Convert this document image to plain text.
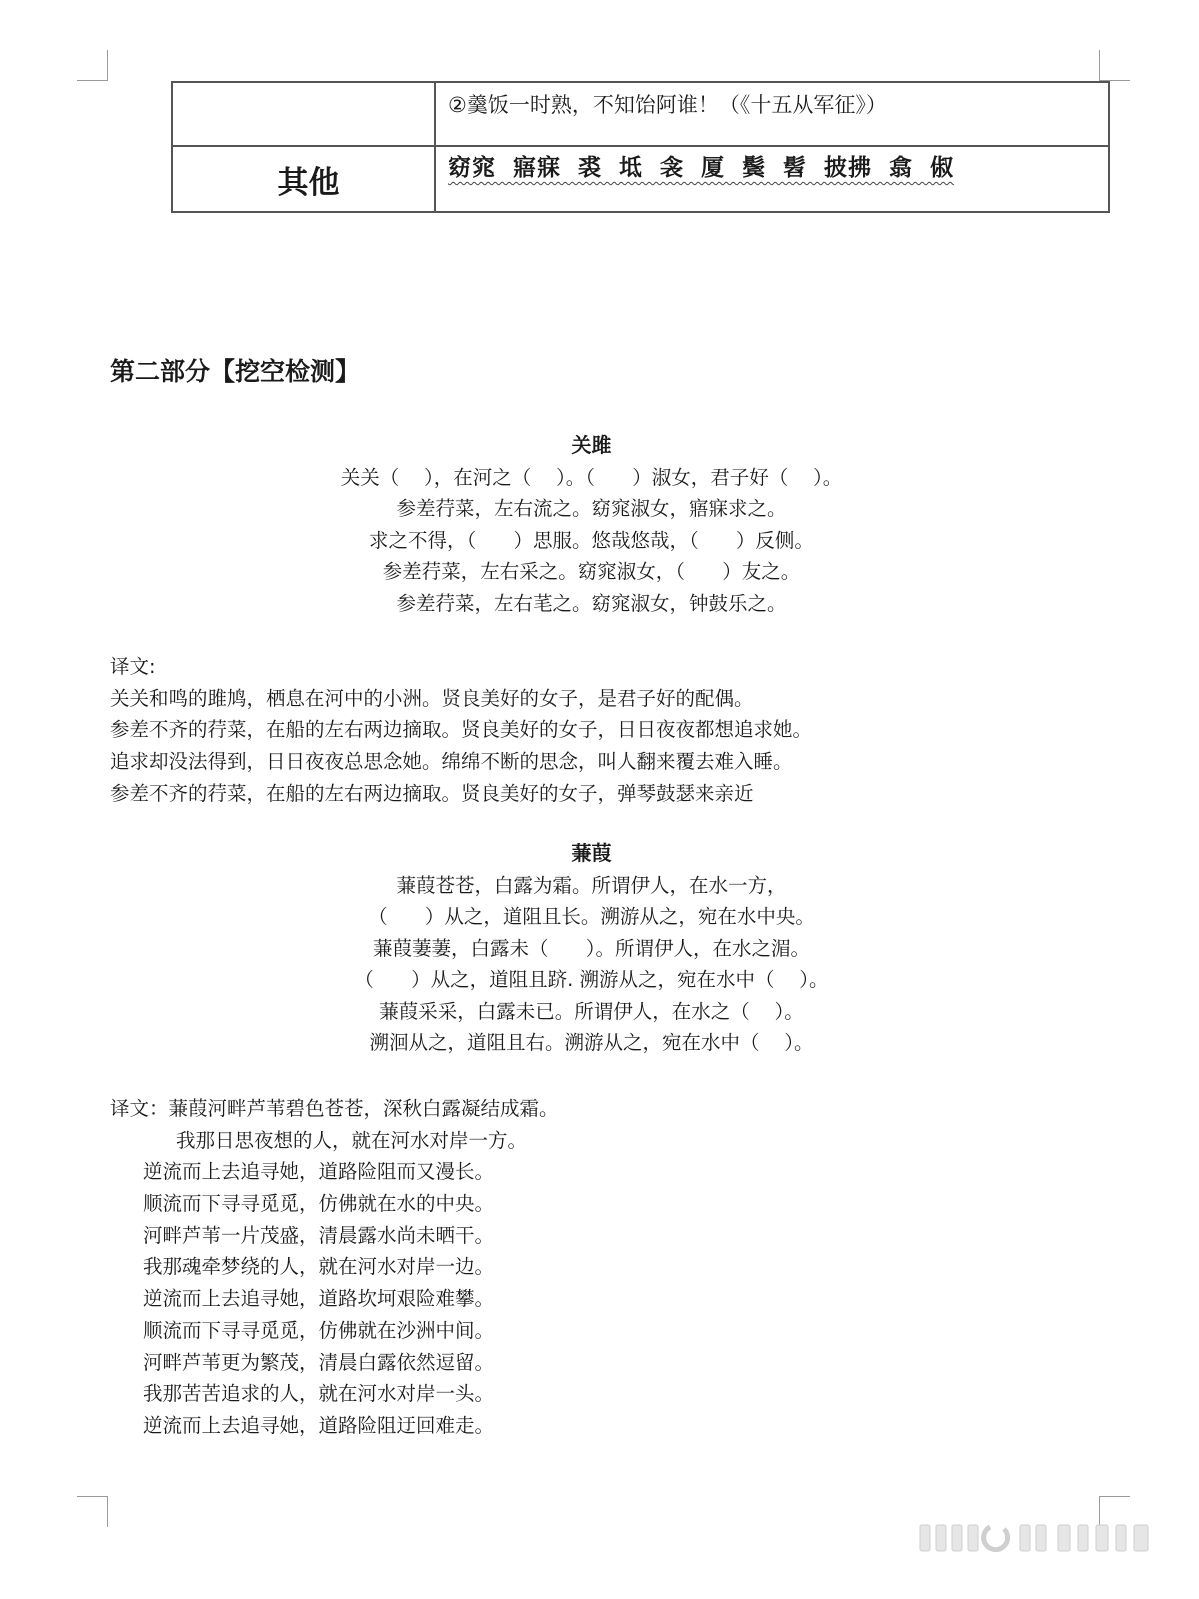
	②羹饭一时熟，不知饴阿谁！（《十五从军征》）

其他	窈窕 寤寐 裘 坻 衾 厦 鬓 髫 披拂 翕 俶
第二部分【挖空检测】
关雎
关关（    ），在河之（    ）。（      ）淑女，君子好（    ）。
参差荇菜，左右流之。窈窕淑女，寤寐求之。
求之不得，（      ）思服。悠哉悠哉，（      ）反侧。
参差荇菜，左右采之。窈窕淑女，（      ）友之。
参差荇菜，左右芼之。窈窕淑女，钟鼓乐之。
译文:
关关和鸣的雎鸠，栖息在河中的小洲。贤良美好的女子，是君子好的配偶。
参差不齐的荇菜，在船的左右两边摘取。贤良美好的女子，日日夜夜都想追求她。
追求却没法得到，日日夜夜总思念她。绵绵不断的思念，叫人翻来覆去难入睡。
参差不齐的荇菜，在船的左右两边摘取。贤良美好的女子，弹琴鼓瑟来亲近
蒹葭
蒹葭苍苍，白露为霜。所谓伊人，在水一方，
（      ）从之，道阻且长。溯游从之，宛在水中央。
蒹葭萋萋，白露未（      ）。所谓伊人，在水之湄。
（      ）从之，道阻且跻. 溯游从之，宛在水中（    ）。
蒹葭采采，白露未已。所谓伊人，在水之（    ）。
溯洄从之，道阻且右。溯游从之，宛在水中（    ）。
译文：蒹葭河畔芦苇碧色苍苍，深秋白露凝结成霜。
我那日思夜想的人，就在河水对岸一方。
逆流而上去追寻她，道路险阻而又漫长。
顺流而下寻寻觅觅，仿佛就在水的中央。
河畔芦苇一片茂盛，清晨露水尚未晒干。
我那魂牵梦绕的人，就在河水对岸一边。
逆流而上去追寻她，道路坎坷艰险难攀。
顺流而下寻寻觅觅，仿佛就在沙洲中间。
河畔芦苇更为繁茂，清晨白露依然逗留。
我那苦苦追求的人，就在河水对岸一头。
逆流而上去追寻她，道路险阻迂回难走。
